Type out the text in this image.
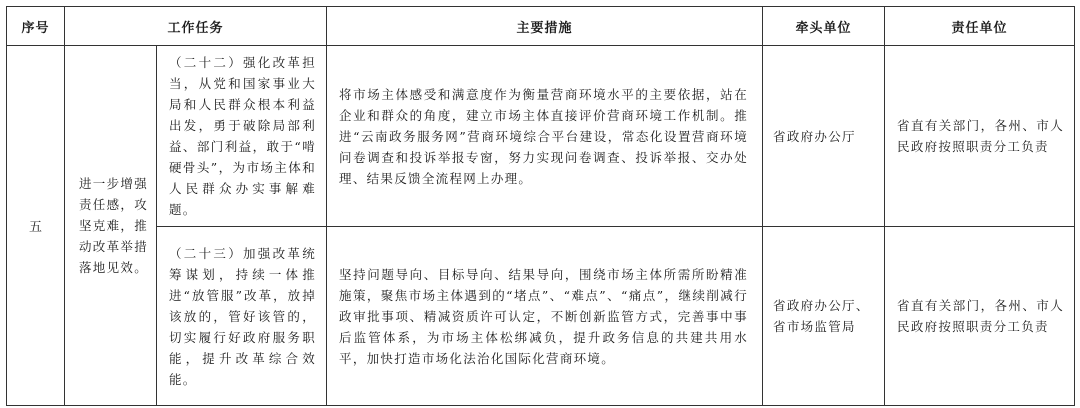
序号	工作任务		主要措施	牵头单位	责任单位
五	进一步增强责任感，攻坚克难，推动改革举措落地见效。	（二十二）强化改革担当，从党和国家事业大局和人民群众根本利益出发，勇于破除局部利益、部门利益，敢于“啃硬骨头”，为市场主体和人民群众办实事解难题。	将市场主体感受和满意度作为衡量营商环境水平的主要依据，站在企业和群众的角度，建立市场主体直接评价营商环境工作机制。推进“云南政务服务网”营商环境综合平台建设，常态化设置营商环境问卷调查和投诉举报专窗，努力实现问卷调查、投诉举报、交办处理、结果反馈全流程网上办理。	省政府办公厅	省直有关部门，各州、市人民政府按照职责分工负责

		（二十三）加强改革统筹谋划，持续一体推进“放管服”改革，放掉该放的，管好该管的，切实履行好政府服务职能，提升改革综合效能。	坚持问题导向、目标导向、结果导向，围绕市场主体所需所盼精准施策，聚焦市场主体遇到的“堵点”、“难点”、“痛点”，继续削减行政审批事项、精减资质许可认定，不断创新监管方式，完善事中事后监管体系，为市场主体松绑减负，提升政务信息的共建共用水平，加快打造市场化法治化国际化营商环境。	省政府办公厅、省市场监管局	省直有关部门，各州、市人民政府按照职责分工负责
